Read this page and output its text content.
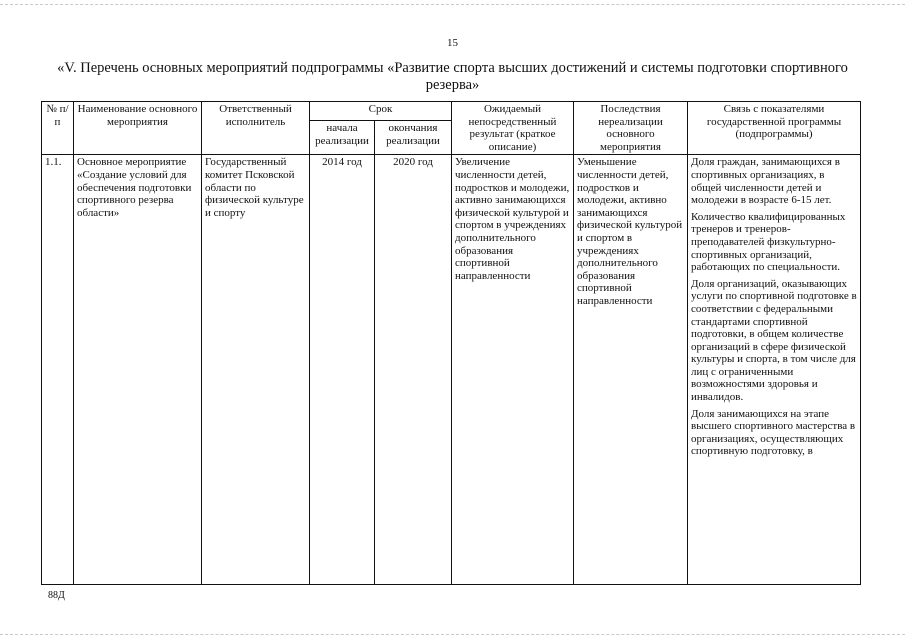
15
«V. Перечень основных мероприятий подпрограммы «Развитие спорта высших достижений и системы подготовки спортивного резерва»
№ п/п	Наименование основного мероприятия	Ответственный исполнитель	Срок		Ожидаемый непосредственный результат (краткое описание)	Последствия нереализации основного мероприятия	Связь с показателями государственной программы (подпрограммы)
			начала реализации	окончания реализации			
1.1.	Основное мероприятие «Создание условий для обеспечения подготовки спортивного резерва области»	Государственный комитет Псковской области по физической культуре и спорту	2014 год	2020 год	Увеличение численности детей, подростков и молодежи, активно занимающихся физической культурой и спортом в учреждениях дополнительного образования спортивной направленности	Уменьшение численности детей, подростков и молодежи, активно занимающихся физической культурой и спортом в учреждениях дополнительного образования спортивной направленности	Доля граждан, занимающихся в спортивных организациях, в общей численности детей и молодежи в возрасте 6-15 лет.
Количество квалифицированных тренеров и тренеров-преподавателей физкультурно-спортивных организаций, работающих по специальности.
Доля организаций, оказывающих услуги по спортивной подготовке в соответствии с федеральными стандартами спортивной подготовки, в общем количестве организаций в сфере физической культуры и спорта, в том числе для лиц с ограниченными возможностями здоровья и инвалидов.
Доля занимающихся на этапе высшего спортивного мастерства в организациях, осуществляющих спортивную подготовку, в
88Д
